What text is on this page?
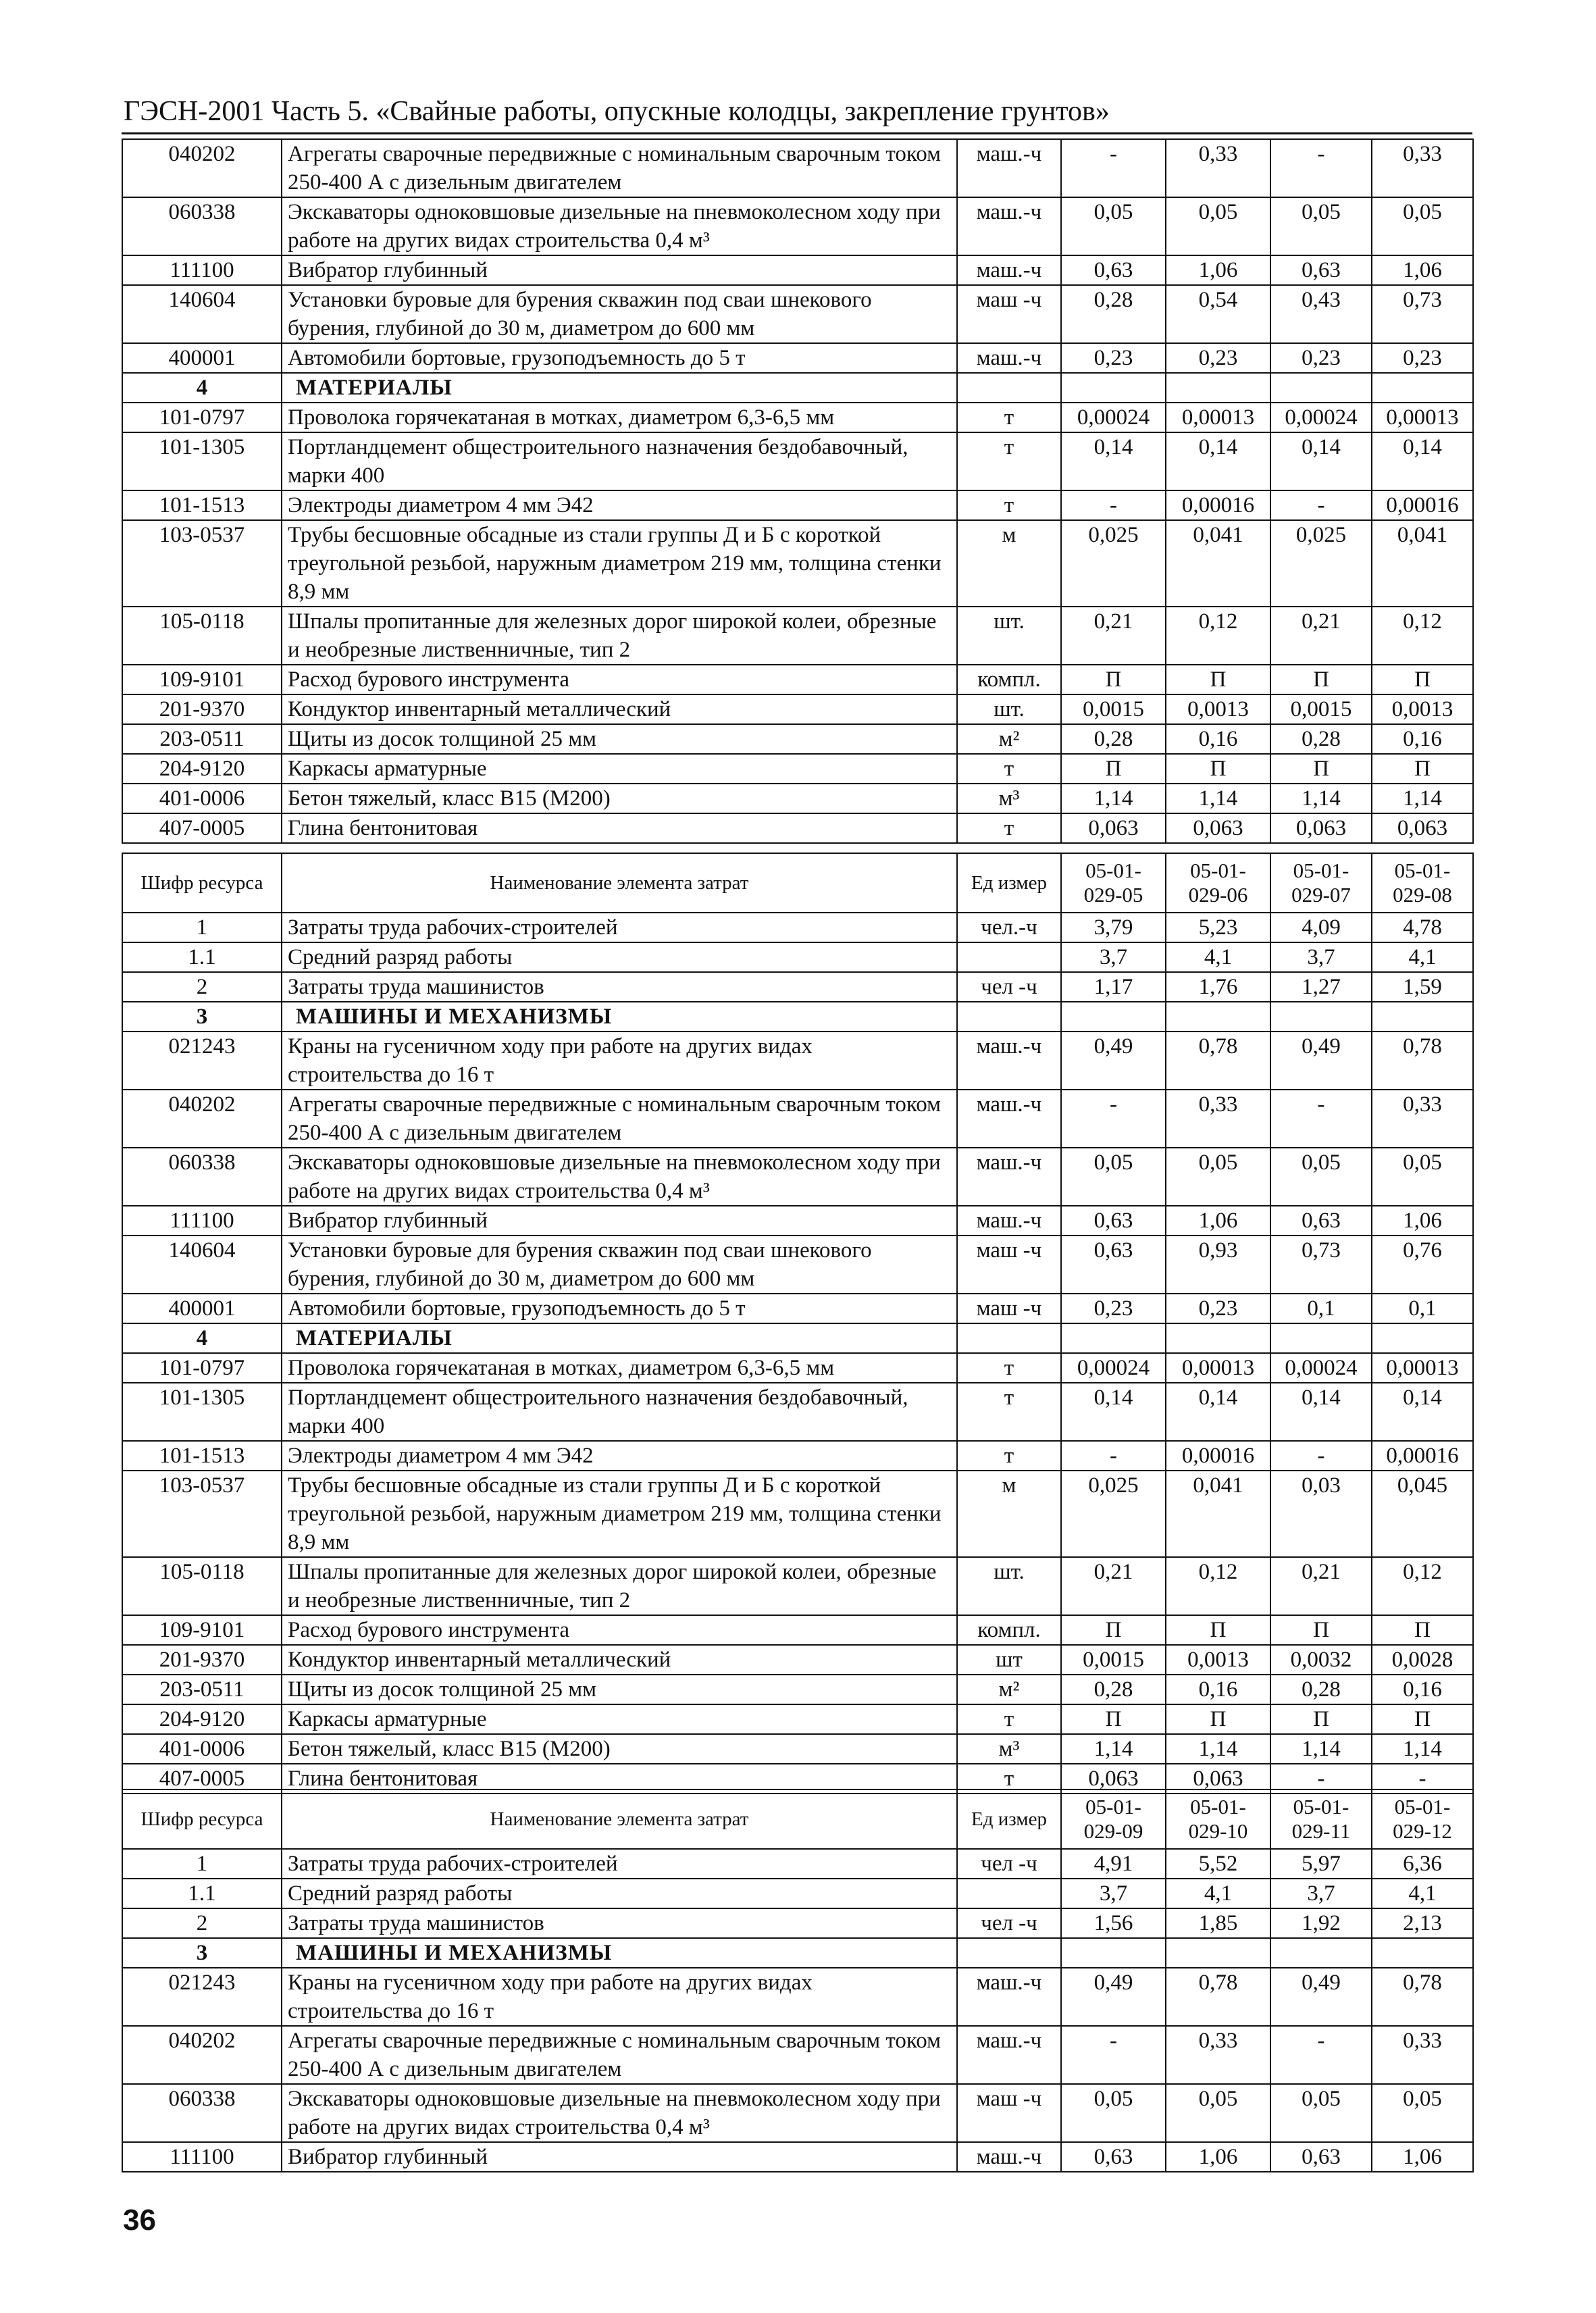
ГЭСН-2001 Часть 5. «Свайные работы, опускные колодцы, закрепление грунтов»
040202	Агрегаты сварочные передвижные с номинальным сварочным током 250-400 А с дизельным двигателем	маш.-ч	-	0,33	-	0,33
060338	Экскаваторы одноковшовые дизельные на пневмоколесном ходу при работе на других видах строительства 0,4 м³	маш.-ч	0,05	0,05	0,05	0,05
111100	Вибратор глубинный	маш.-ч	0,63	1,06	0,63	1,06
140604	Установки буровые для бурения скважин под сваи шнекового бурения, глубиной до 30 м, диаметром до 600 мм	маш -ч	0,28	0,54	0,43	0,73
400001	Автомобили бортовые, грузоподъемность до 5 т	маш.-ч	0,23	0,23	0,23	0,23
4	МАТЕРИАЛЫ					
101-0797	Проволока горячекатаная в мотках, диаметром 6,3-6,5 мм	т	0,00024	0,00013	0,00024	0,00013
101-1305	Портландцемент общестроительного назначения бездобавочный, марки 400	т	0,14	0,14	0,14	0,14
101-1513	Электроды диаметром 4 мм Э42	т	-	0,00016	-	0,00016
103-0537	Трубы бесшовные обсадные из стали группы Д и Б с короткой треугольной резьбой, наружным диаметром 219 мм, толщина стенки 8,9 мм	м	0,025	0,041	0,025	0,041
105-0118	Шпалы пропитанные для железных дорог широкой колеи, обрезные и необрезные лиственничные, тип 2	шт.	0,21	0,12	0,21	0,12
109-9101	Расход бурового инструмента	компл.	П	П	П	П
201-9370	Кондуктор инвентарный металлический	шт.	0,0015	0,0013	0,0015	0,0013
203-0511	Щиты из досок толщиной 25 мм	м²	0,28	0,16	0,28	0,16
204-9120	Каркасы арматурные	т	П	П	П	П
401-0006	Бетон тяжелый, класс В15 (М200)	м³	1,14	1,14	1,14	1,14
407-0005	Глина бентонитовая	т	0,063	0,063	0,063	0,063
Шифр ресурса	Наименование элемента затрат	Ед измер	05-01-029-05	05-01-029-06	05-01-029-07	05-01-029-08
1	Затраты труда рабочих-строителей	чел.-ч	3,79	5,23	4,09	4,78
1.1	Средний разряд работы		3,7	4,1	3,7	4,1
2	Затраты труда машинистов	чел -ч	1,17	1,76	1,27	1,59
3	МАШИНЫ И МЕХАНИЗМЫ					
021243	Краны на гусеничном ходу при работе на других видах строительства до 16 т	маш.-ч	0,49	0,78	0,49	0,78
040202	Агрегаты сварочные передвижные с номинальным сварочным током 250-400 А с дизельным двигателем	маш.-ч	-	0,33	-	0,33
060338	Экскаваторы одноковшовые дизельные на пневмоколесном ходу при работе на других видах строительства 0,4 м³	маш.-ч	0,05	0,05	0,05	0,05
111100	Вибратор глубинный	маш.-ч	0,63	1,06	0,63	1,06
140604	Установки буровые для бурения скважин под сваи шнекового бурения, глубиной до 30 м, диаметром до 600 мм	маш -ч	0,63	0,93	0,73	0,76
400001	Автомобили бортовые, грузоподъемность до 5 т	маш -ч	0,23	0,23	0,1	0,1
4	МАТЕРИАЛЫ					
101-0797	Проволока горячекатаная в мотках, диаметром 6,3-6,5 мм	т	0,00024	0,00013	0,00024	0,00013
101-1305	Портландцемент общестроительного назначения бездобавочный, марки 400	т	0,14	0,14	0,14	0,14
101-1513	Электроды диаметром 4 мм Э42	т	-	0,00016	-	0,00016
103-0537	Трубы бесшовные обсадные из стали группы Д и Б с короткой треугольной резьбой, наружным диаметром 219 мм, толщина стенки 8,9 мм	м	0,025	0,041	0,03	0,045
105-0118	Шпалы пропитанные для железных дорог широкой колеи, обрезные и необрезные лиственничные, тип 2	шт.	0,21	0,12	0,21	0,12
109-9101	Расход бурового инструмента	компл.	П	П	П	П
201-9370	Кондуктор инвентарный металлический	шт	0,0015	0,0013	0,0032	0,0028
203-0511	Щиты из досок толщиной 25 мм	м²	0,28	0,16	0,28	0,16
204-9120	Каркасы арматурные	т	П	П	П	П
401-0006	Бетон тяжелый, класс В15 (М200)	м³	1,14	1,14	1,14	1,14
407-0005	Глина бентонитовая	т	0,063	0,063	-	-
Шифр ресурса	Наименование элемента затрат	Ед измер	05-01-029-09	05-01-029-10	05-01-029-11	05-01-029-12
1	Затраты труда рабочих-строителей	чел -ч	4,91	5,52	5,97	6,36
1.1	Средний разряд работы		3,7	4,1	3,7	4,1
2	Затраты труда машинистов	чел -ч	1,56	1,85	1,92	2,13
3	МАШИНЫ И МЕХАНИЗМЫ					
021243	Краны на гусеничном ходу при работе на других видах строительства до 16 т	маш.-ч	0,49	0,78	0,49	0,78
040202	Агрегаты сварочные передвижные с номинальным сварочным током 250-400 А с дизельным двигателем	маш.-ч	-	0,33	-	0,33
060338	Экскаваторы одноковшовые дизельные на пневмоколесном ходу при работе на других видах строительства 0,4 м³	маш -ч	0,05	0,05	0,05	0,05
111100	Вибратор глубинный	маш.-ч	0,63	1,06	0,63	1,06
36
